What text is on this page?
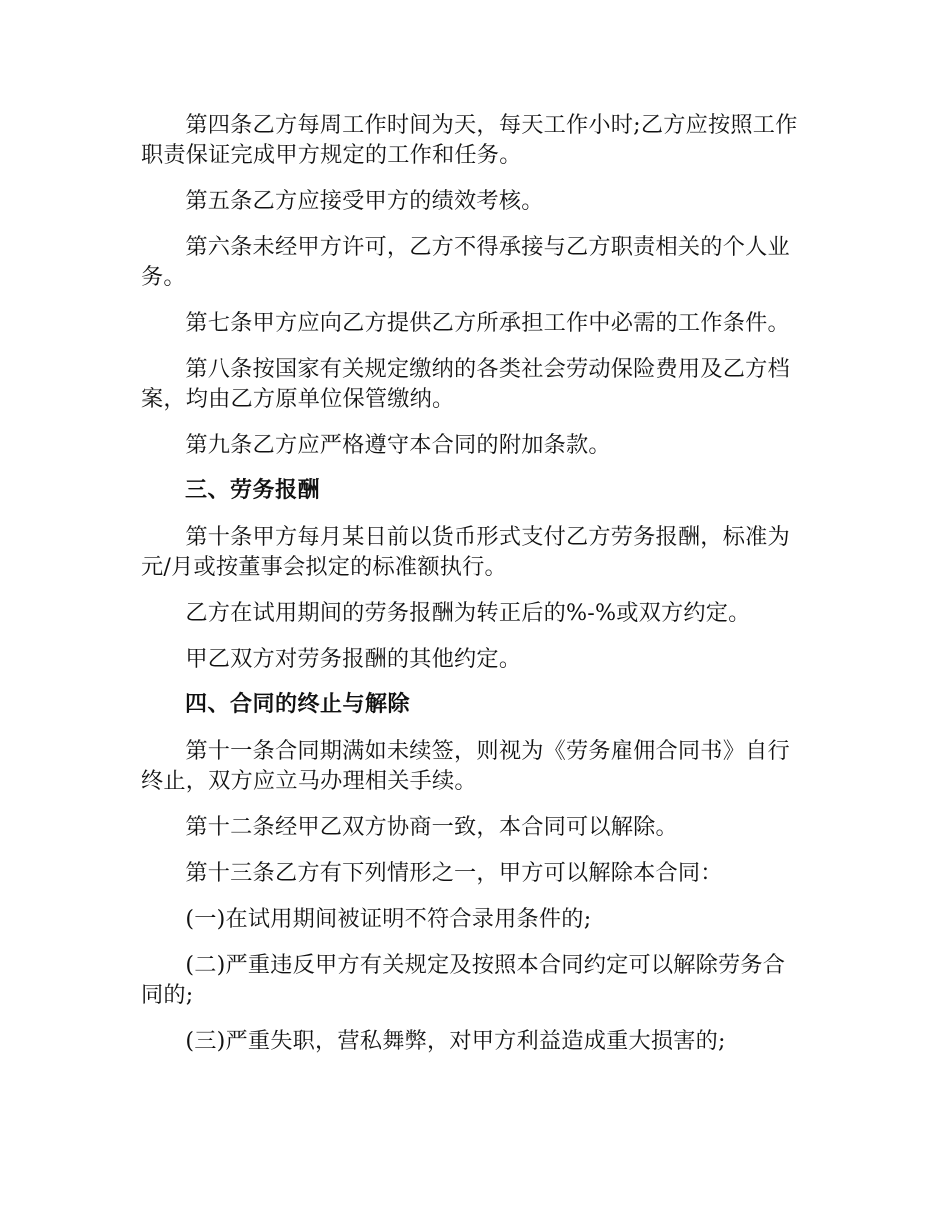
第四条乙方每周工作时间为天，每天工作小时;乙方应按照工作职责保证完成甲方规定的工作和任务。

第五条乙方应接受甲方的绩效考核。

第六条未经甲方许可，乙方不得承接与乙方职责相关的个人业务。

第七条甲方应向乙方提供乙方所承担工作中必需的工作条件。

第八条按国家有关规定缴纳的各类社会劳动保险费用及乙方档案，均由乙方原单位保管缴纳。

第九条乙方应严格遵守本合同的附加条款。

三、劳务报酬

第十条甲方每月某日前以货币形式支付乙方劳务报酬，标准为元/月或按董事会拟定的标准额执行。

乙方在试用期间的劳务报酬为转正后的%-%或双方约定。

甲乙双方对劳务报酬的其他约定。

四、合同的终止与解除

第十一条合同期满如未续签，则视为《劳务雇佣合同书》自行终止，双方应立马办理相关手续。

第十二条经甲乙双方协商一致，本合同可以解除。

第十三条乙方有下列情形之一，甲方可以解除本合同：

(一)在试用期间被证明不符合录用条件的;

(二)严重违反甲方有关规定及按照本合同约定可以解除劳务合同的;

(三)严重失职，营私舞弊，对甲方利益造成重大损害的;
